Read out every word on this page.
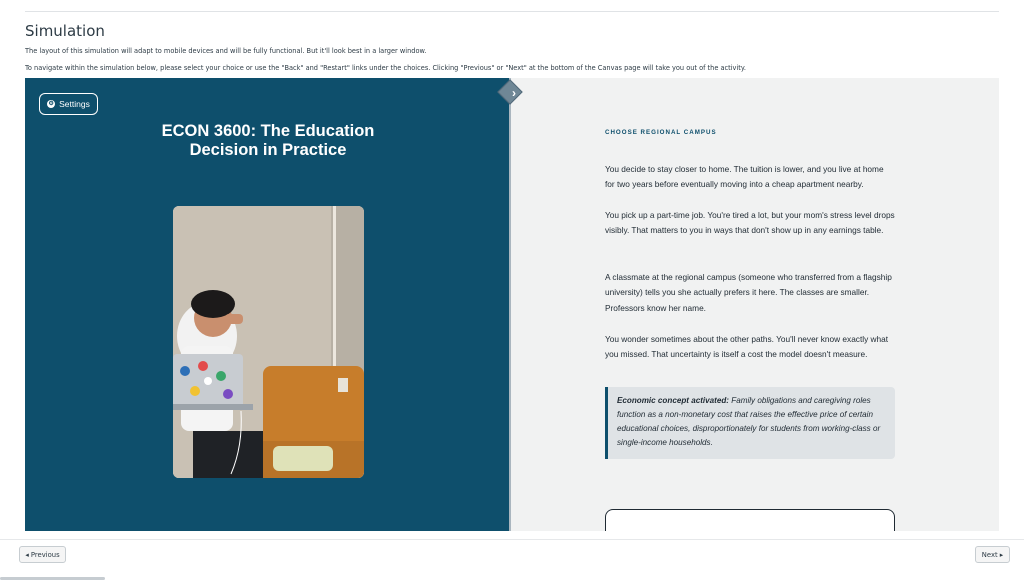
Simulation

The layout of this simulation will adapt to mobile devices and will be fully functional. But it'll look best in a larger window.

To navigate within the simulation below, please select your choice or use the "Back" and "Restart" links under the choices. Clicking "Previous" or "Next" at the bottom of the Canvas page will take you out of the activity.

⚙ Settings
ECON 3600: The Education Decision in Practice
›
CHOOSE REGIONAL CAMPUS

You decide to stay closer to home. The tuition is lower, and you live at home for two years before eventually moving into a cheap apartment nearby.

You pick up a part-time job. You're tired a lot, but your mom's stress level drops visibly. That matters to you in ways that don't show up in any earnings table.

A classmate at the regional campus (someone who transferred from a flagship university) tells you she actually prefers it here. The classes are smaller. Professors know her name.

You wonder sometimes about the other paths. You'll never know exactly what you missed. That uncertainty is itself a cost the model doesn't measure.

Economic concept activated: Family obligations and caregiving roles function as a non-monetary cost that raises the effective price of certain educational choices, disproportionately for students from working-class or single-income households.
◂ Previous	Next ▸
